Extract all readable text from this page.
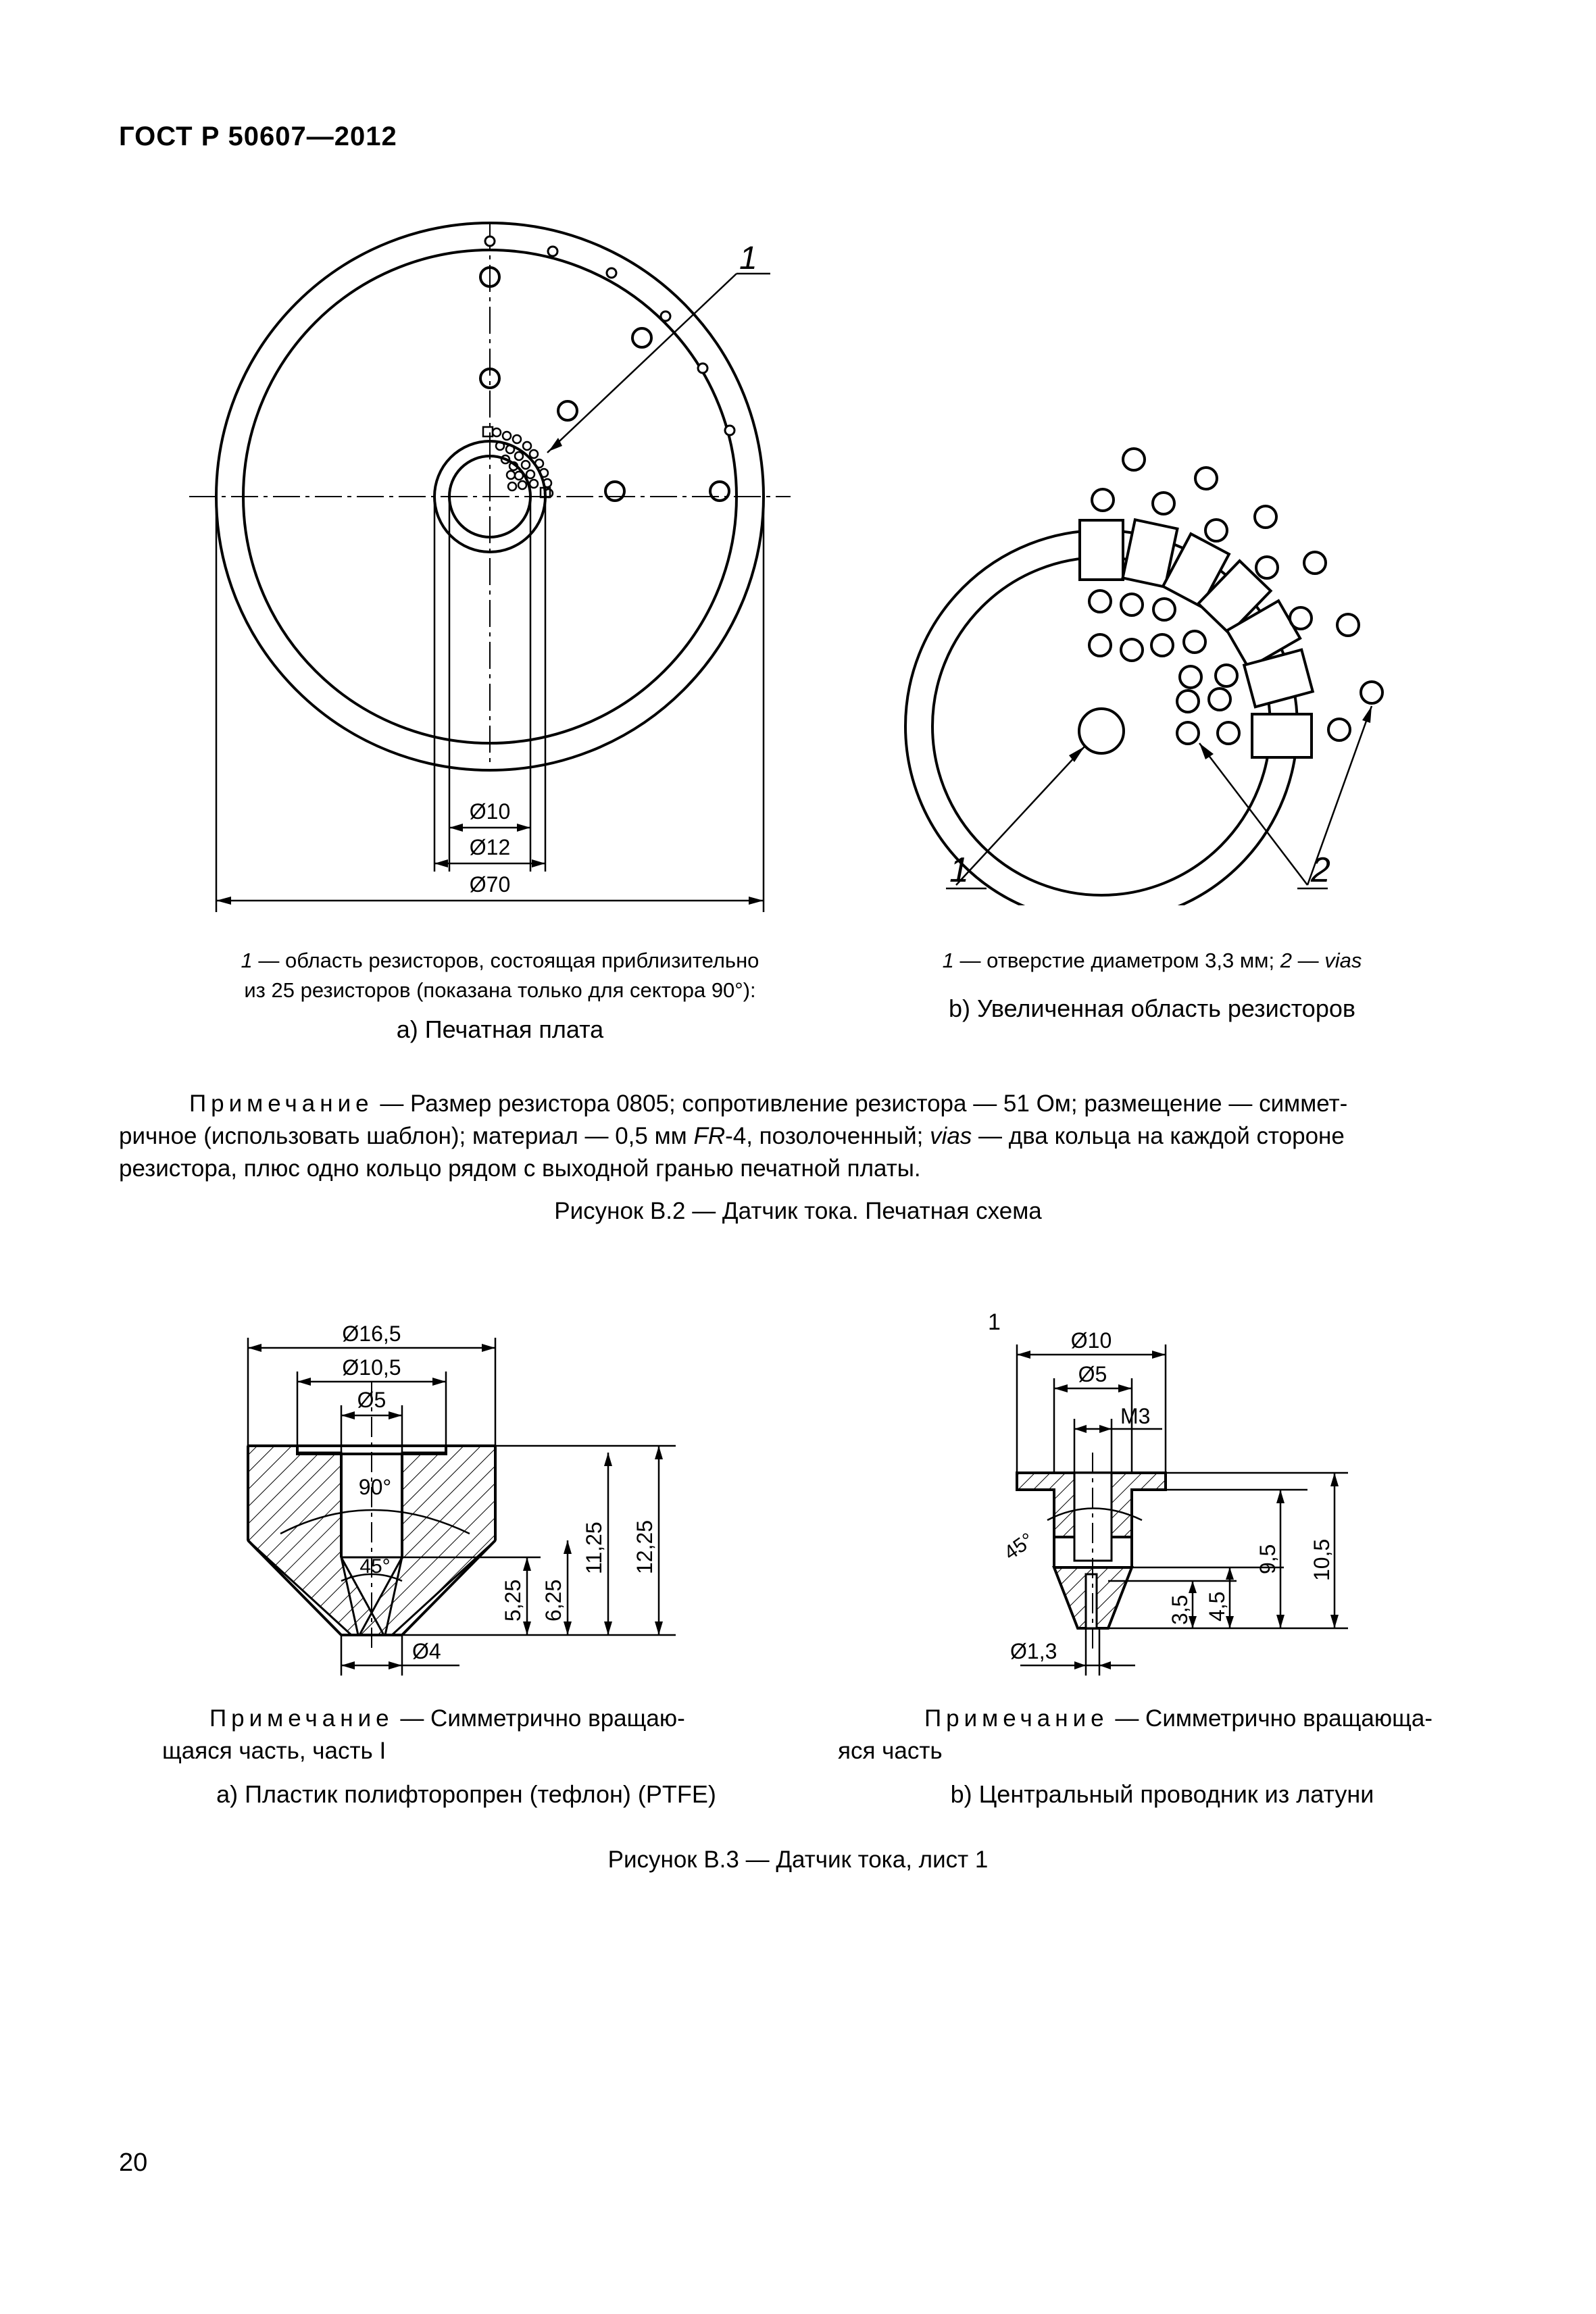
ГОСТ Р 50607—2012
1
Ø10
Ø12
Ø70
1 — область резисторов, состоящая приблизительно
из 25 резисторов (показана только для сектора 90°):
а) Печатная плата
1	2
1 — отверстие диаметром 3,3 мм; 2 — vias
b) Увеличенная область резисторов
Примечание — Размер резистора 0805; сопротивление резистора — 51 Ом; размещение — симмет-
ричное (использовать шаблон); материал — 0,5 мм FR-4, позолоченный; vias — два кольца на каждой стороне
резистора, плюс одно кольцо рядом с выходной гранью печатной платы.
Рисунок В.2 — Датчик тока. Печатная схема
Ø16,5
Ø10,5
Ø5
90°
45°
5,25 6,25
11,25 12,25
Ø4
Примечание — Симметрично вращаю-
щаяся часть, часть I
а) Пластик полифторопрен (тефлон) (PTFE)
1
Ø10
Ø5
M3
45°
3,5 4,5
9,5 10,5
Ø1,3
Примечание — Симметрично вращающа-
яся часть
b) Центральный проводник из латуни
Рисунок В.3 — Датчик тока, лист 1
20
